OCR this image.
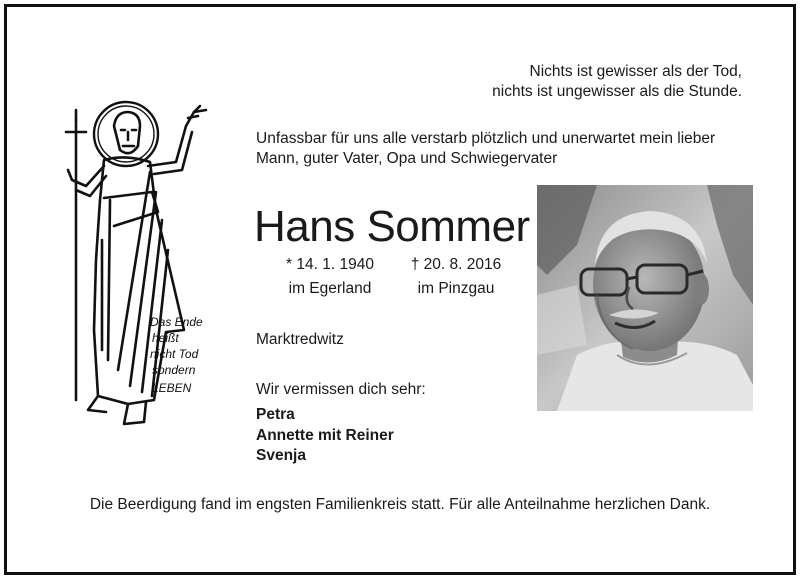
Das Ende
heißt
nicht Tod
sondern
LEBEN
Nichts ist gewisser als der Tod,
nichts ist ungewisser als die Stunde.

Unfassbar für uns alle verstarb plötzlich und unerwartet mein lieber Mann, guter Vater, Opa und Schwiegervater

Hans Sommer
* 14. 1. 1940
im Egerland
† 20. 8. 2016
im Pinzgau
Marktredwitz
Wir vermissen dich sehr:
Petra
Annette mit Reiner
Svenja
Die Beerdigung fand im engsten Familienkreis statt. Für alle Anteilnahme herzlichen Dank.
